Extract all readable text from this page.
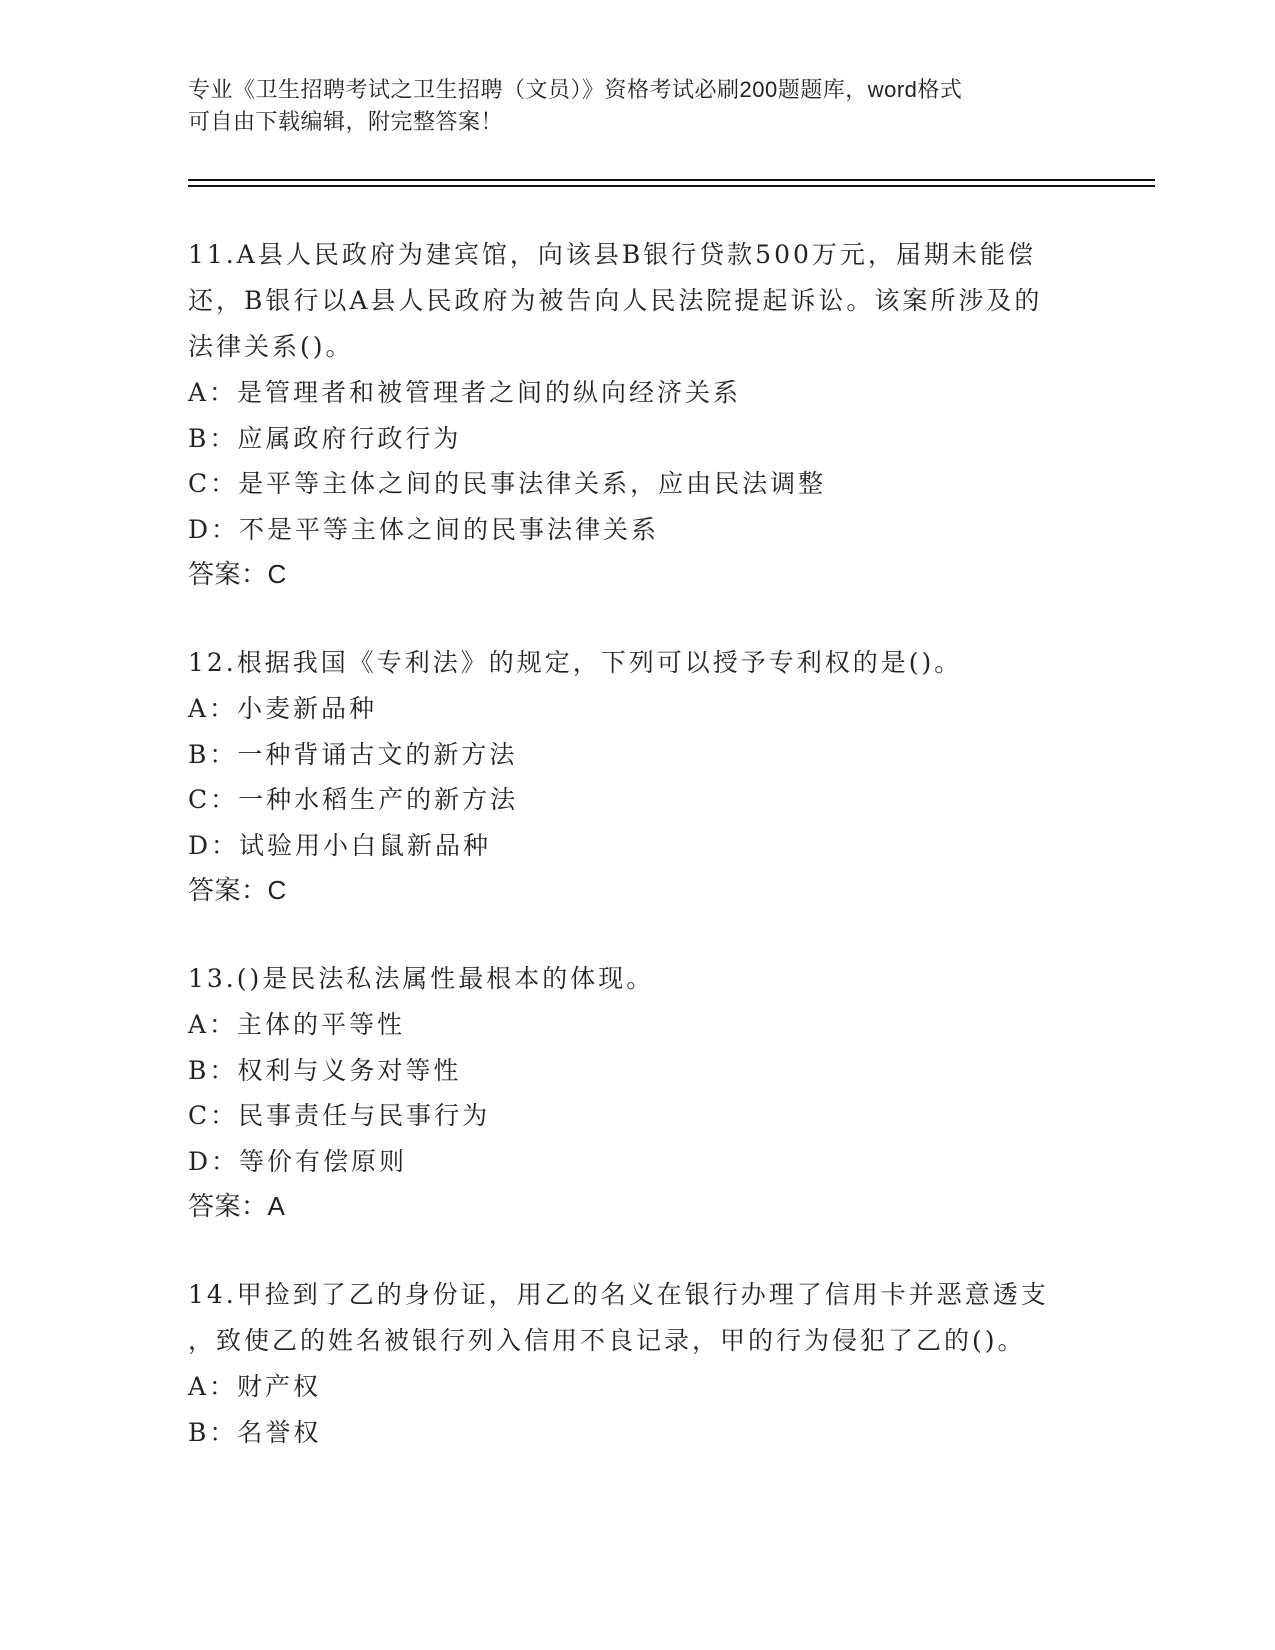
专业《卫生招聘考试之卫生招聘（文员）》资格考试必刷200题题库，word格式
可自由下载编辑，附完整答案！
11.A县人民政府为建宾馆，向该县B银行贷款500万元，届期未能偿
还，B银行以A县人民政府为被告向人民法院提起诉讼。该案所涉及的
法律关系()。
A：是管理者和被管理者之间的纵向经济关系
B：应属政府行政行为
C：是平等主体之间的民事法律关系，应由民法调整
D：不是平等主体之间的民事法律关系
答案：C
12.根据我国《专利法》的规定，下列可以授予专利权的是()。
A：小麦新品种
B：一种背诵古文的新方法
C：一种水稻生产的新方法
D：试验用小白鼠新品种
答案：C
13.()是民法私法属性最根本的体现。
A：主体的平等性
B：权利与义务对等性
C：民事责任与民事行为
D：等价有偿原则
答案：A
14.甲捡到了乙的身份证，用乙的名义在银行办理了信用卡并恶意透支
，致使乙的姓名被银行列入信用不良记录，甲的行为侵犯了乙的()。
A：财产权
B：名誉权
